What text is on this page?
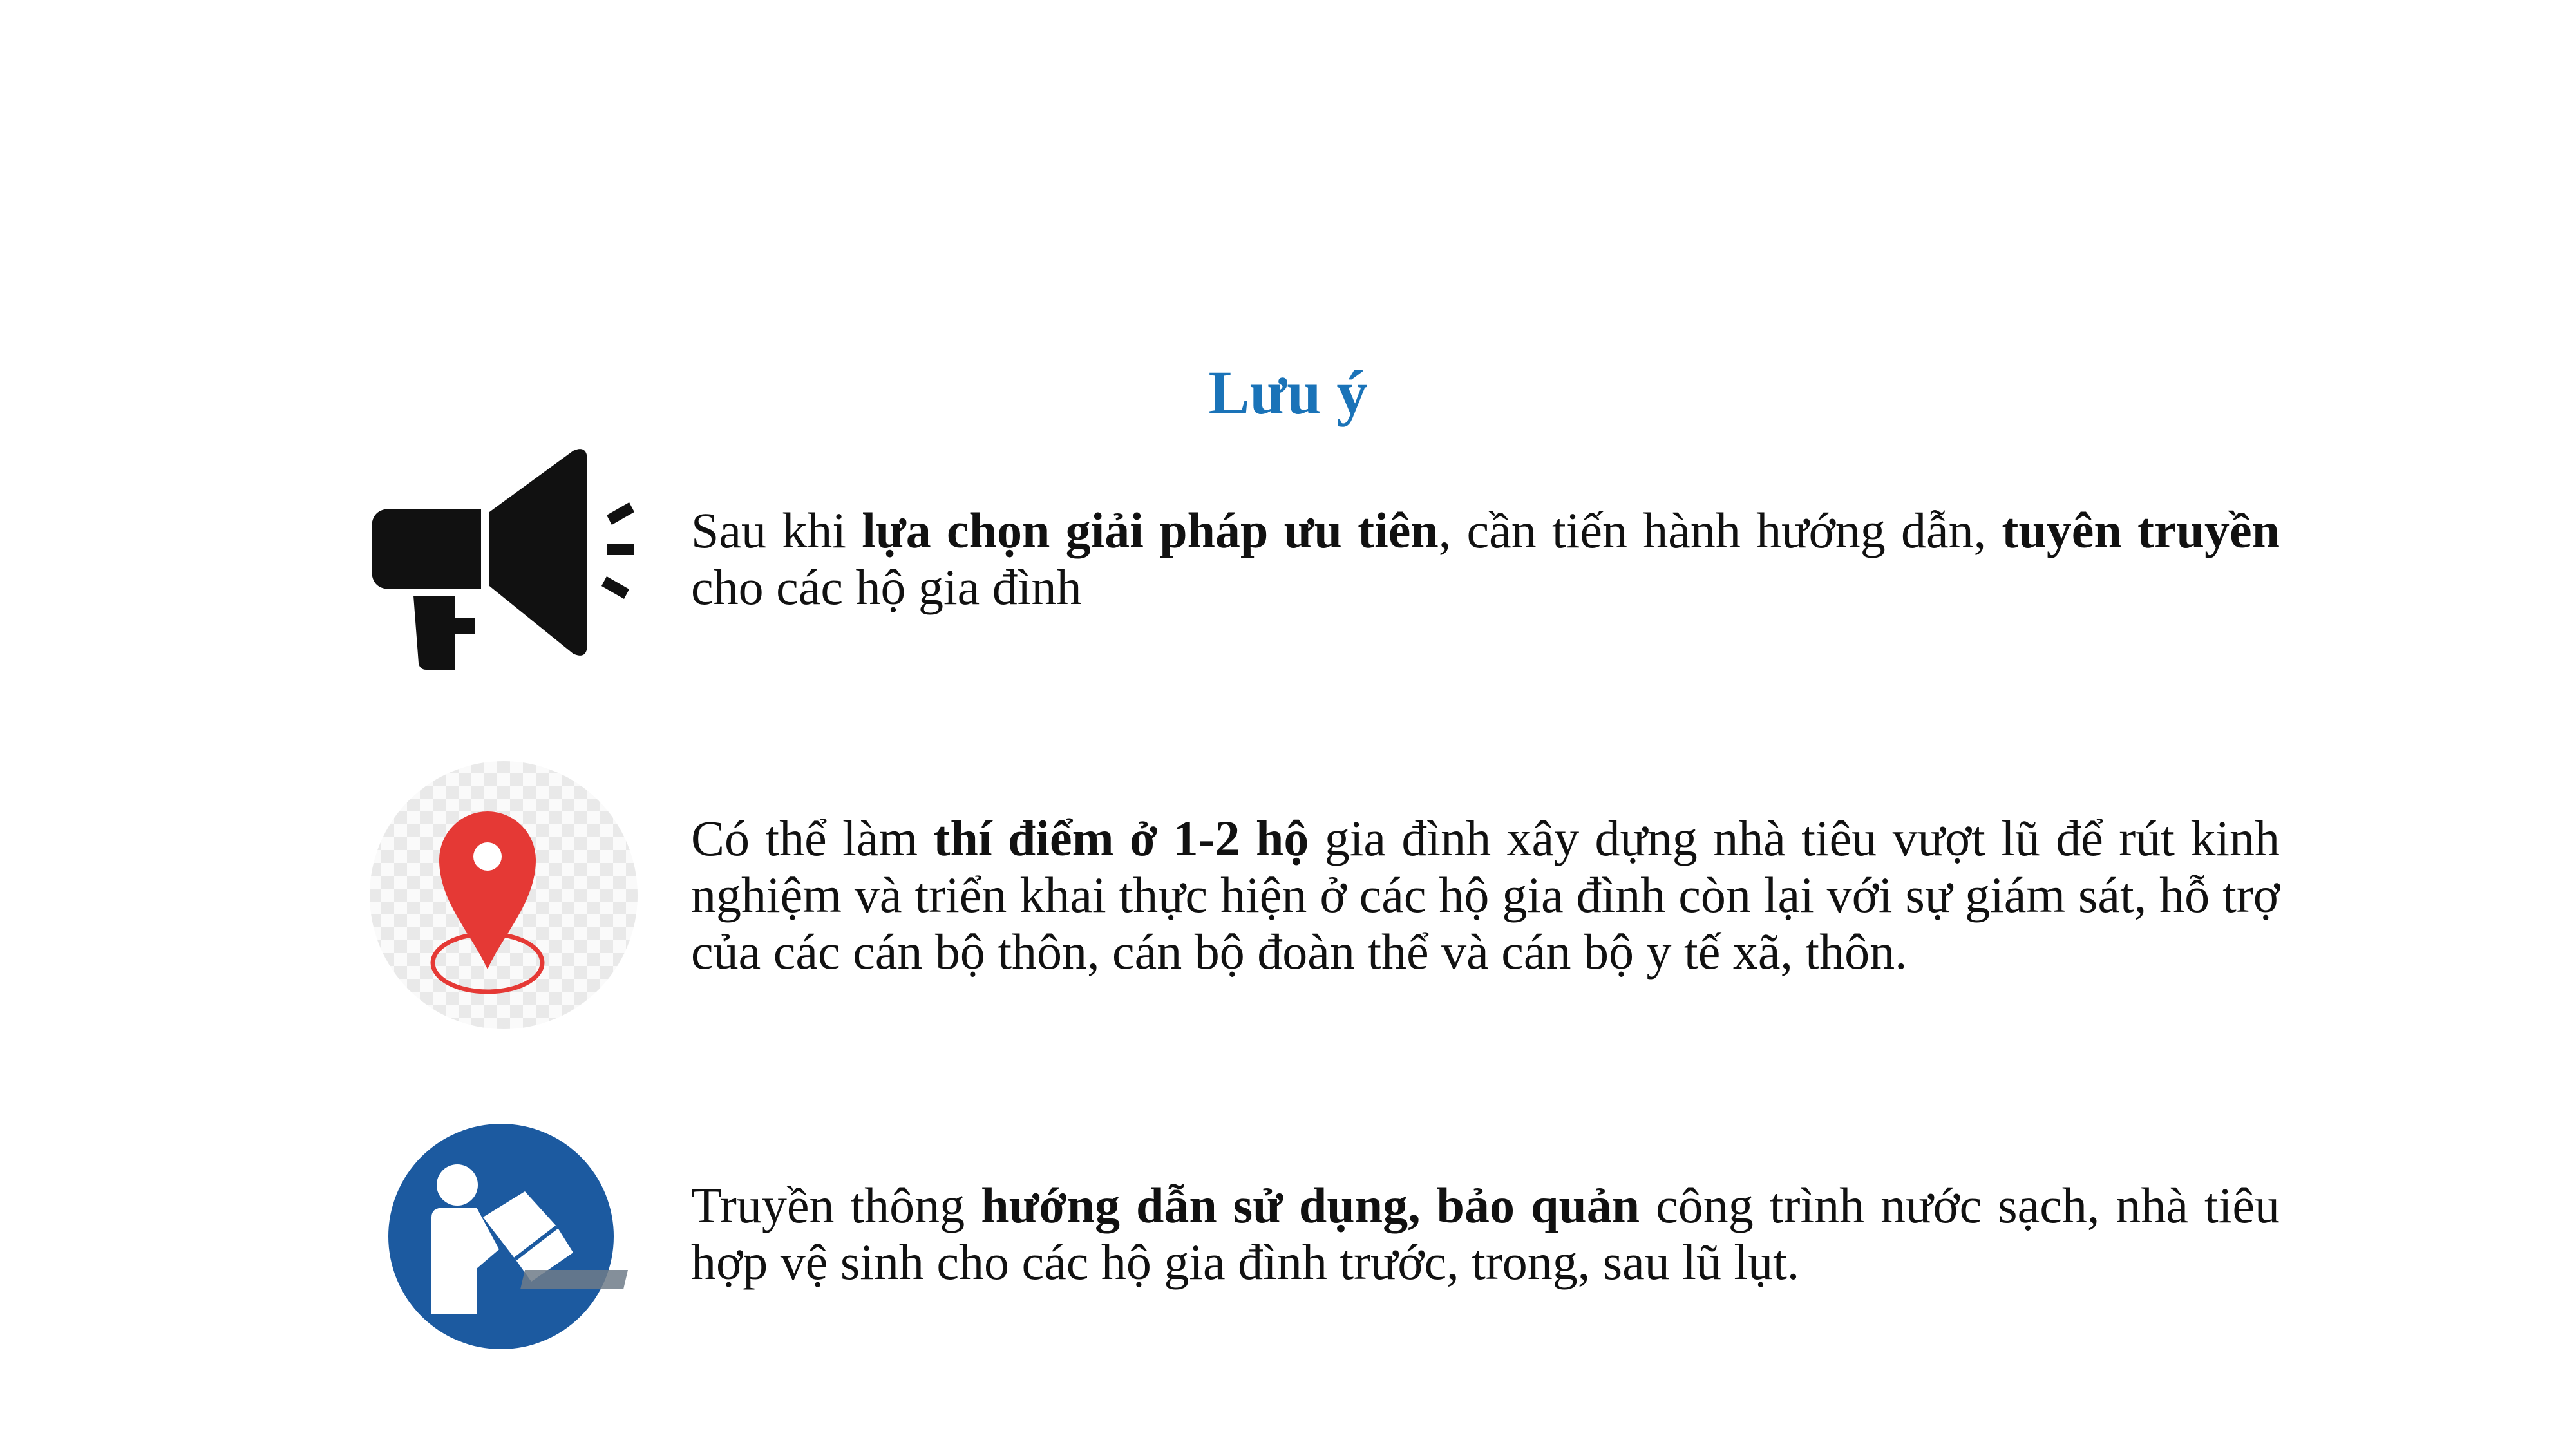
Lưu ý

Sau khi lựa chọn giải pháp ưu tiên, cần tiến hành hướng dẫn, tuyên truyền cho các hộ gia đình

Có thể làm thí điểm ở 1-2 hộ gia đình xây dựng nhà tiêu vượt lũ để rút kinh nghiệm và triển khai thực hiện ở các hộ gia đình còn lại với sự giám sát, hỗ trợ của các cán bộ thôn, cán bộ đoàn thể và cán bộ y tế xã, thôn.

Truyền thông hướng dẫn sử dụng, bảo quản công trình nước sạch, nhà tiêu hợp vệ sinh cho các hộ gia đình trước, trong, sau lũ lụt.
